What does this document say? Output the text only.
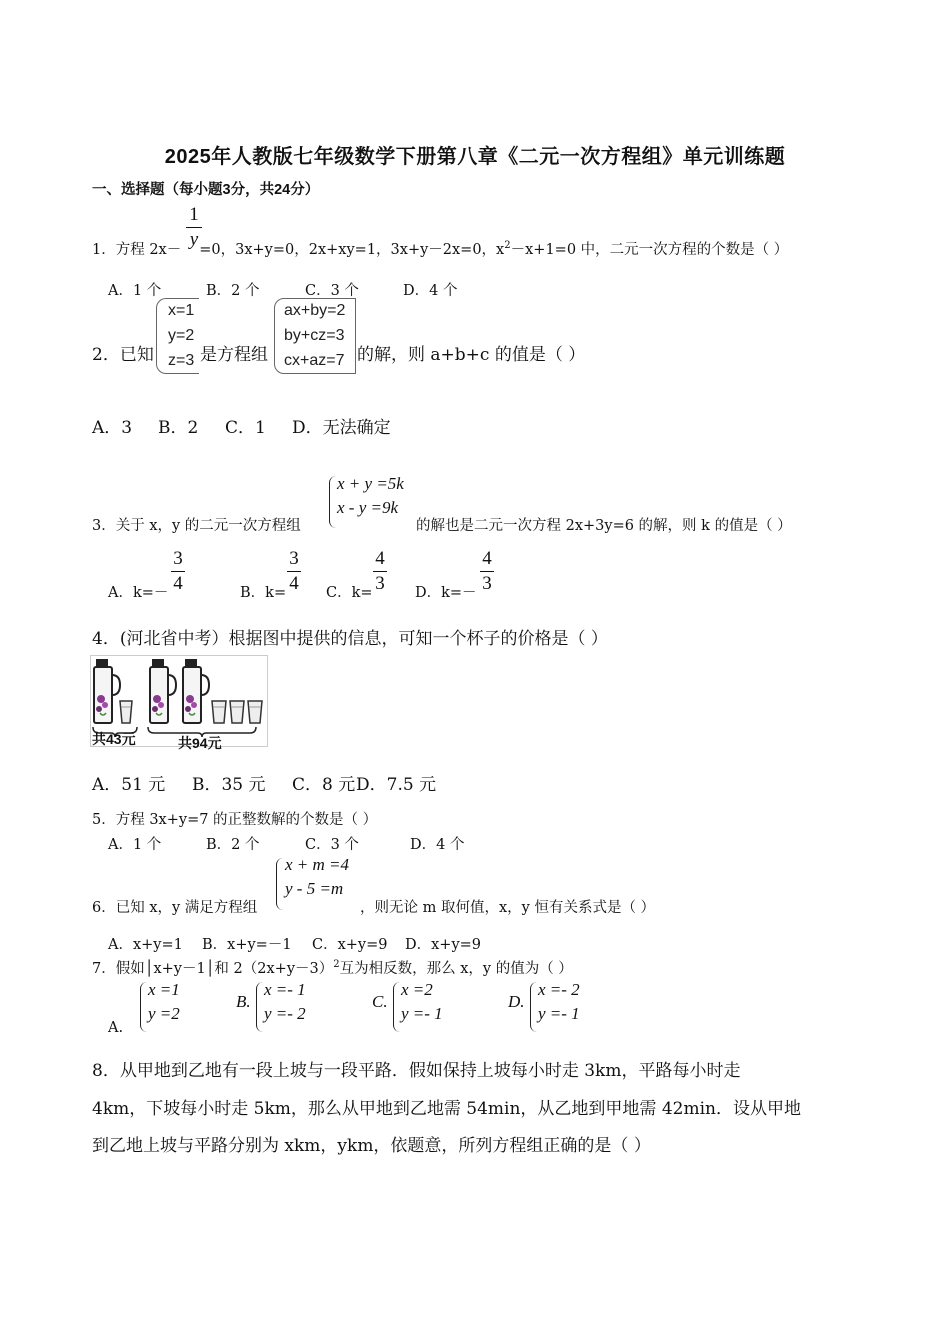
2025年人教版七年级数学下册第八章《二元一次方程组》单元训练题
一、选择题（每小题3分，共24分）
1．方程 2x－ =0，3x+y=0，2x+xy=1，3x+y－2x=0，$x^2-x+1=0$ 中，二元一次方程的个数是（ ）
1
y
A．1 个	B．2 个	C．3 个	D．4 个
2．已知
x=1
y=2
z=3 是方程组
ax+by=2
by+cz=3
cx+az=7 的解，则 a+b+c 的值是（ ）
A．3 B．2 C．1 D．无法确定
3．关于 x，y 的二元一次方程组
x + y =5k
x - y =9k
的解也是二元一次方程 2x+3y=6 的解，则 k 的值是（ ）
A．k=－
3
4	B．k=
3
4 C．k=
4
3 D．k=－
4
3
4．(河北省中考）根据图中提供的信息，可知一个杯子的价格是（ ）
共43元	共94元
A．51 元 B．35 元 C．8 元 D．7.5 元
5．方程 3x+y=7 的正整数解的个数是（ ）
A．1 个	B．2 个	C．3 个	D．4 个
6．已知 x，y 满足方程组
x + m =4
y - 5 =m
，则无论 m 取何值，x，y 恒有关系式是（ ）
A．x+y=1 B．x+y=－1 C．x+y=9 D．x+y=9
7．假如│x+y－1│和 $2(2x+y-3)^2$互为相反数，那么 x，y 的值为（ ）
A.
x =1
y =2
B.
x =- 1
y =- 2
C.
x =2
y =- 1
D.
x =- 2
y =- 1
8．从甲地到乙地有一段上坡与一段平路．假如保持上坡每小时走 3km，平路每小时走
4km，下坡每小时走 5km，那么从甲地到乙地需 54min，从乙地到甲地需 42min．设从甲地
到乙地上坡与平路分别为 xkm，ykm，依题意，所列方程组正确的是（ ）
